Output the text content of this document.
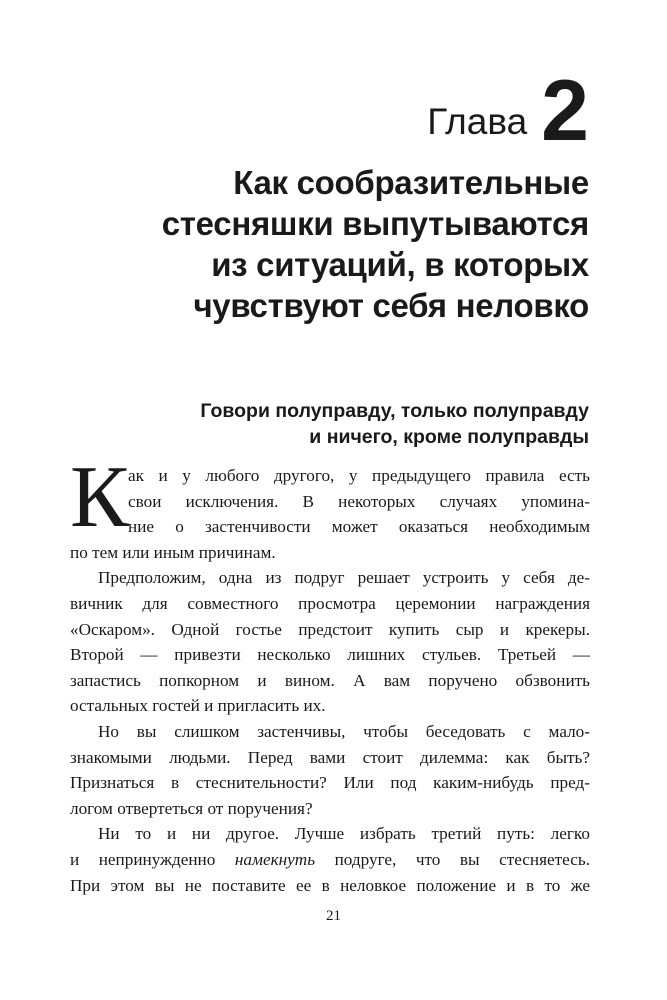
Глава 2
Как сообразительные
стесняшки выпутываются
из ситуаций, в которых
чувствуют себя неловко
Говори полуправду, только полуправду
и ничего, кроме полуправды
К ак и у любого другого, у предыдущего правила есть
свои исключения. В некоторых случаях упомина-
ние о застенчивости может оказаться необходимым
по тем или иным причинам.
Предположим, одна из подруг решает устроить у себя де-
вичник для совместного просмотра церемонии награждения
«Оскаром». Одной гостье предстоит купить сыр и крекеры.
Второй — привезти несколько лишних стульев. Третьей —
запастись попкорном и вином. А вам поручено обзвонить
остальных гостей и пригласить их.
Но вы слишком застенчивы, чтобы беседовать с мало-
знакомыми людьми. Перед вами стоит дилемма: как быть?
Признаться в стеснительности? Или под каким-нибудь пред-
логом отвертеться от поручения?
Ни то и ни другое. Лучше избрать третий путь: легко
и непринужденно намекнуть подруге, что вы стесняетесь.
При этом вы не поставите ее в неловкое положение и в то же
21
